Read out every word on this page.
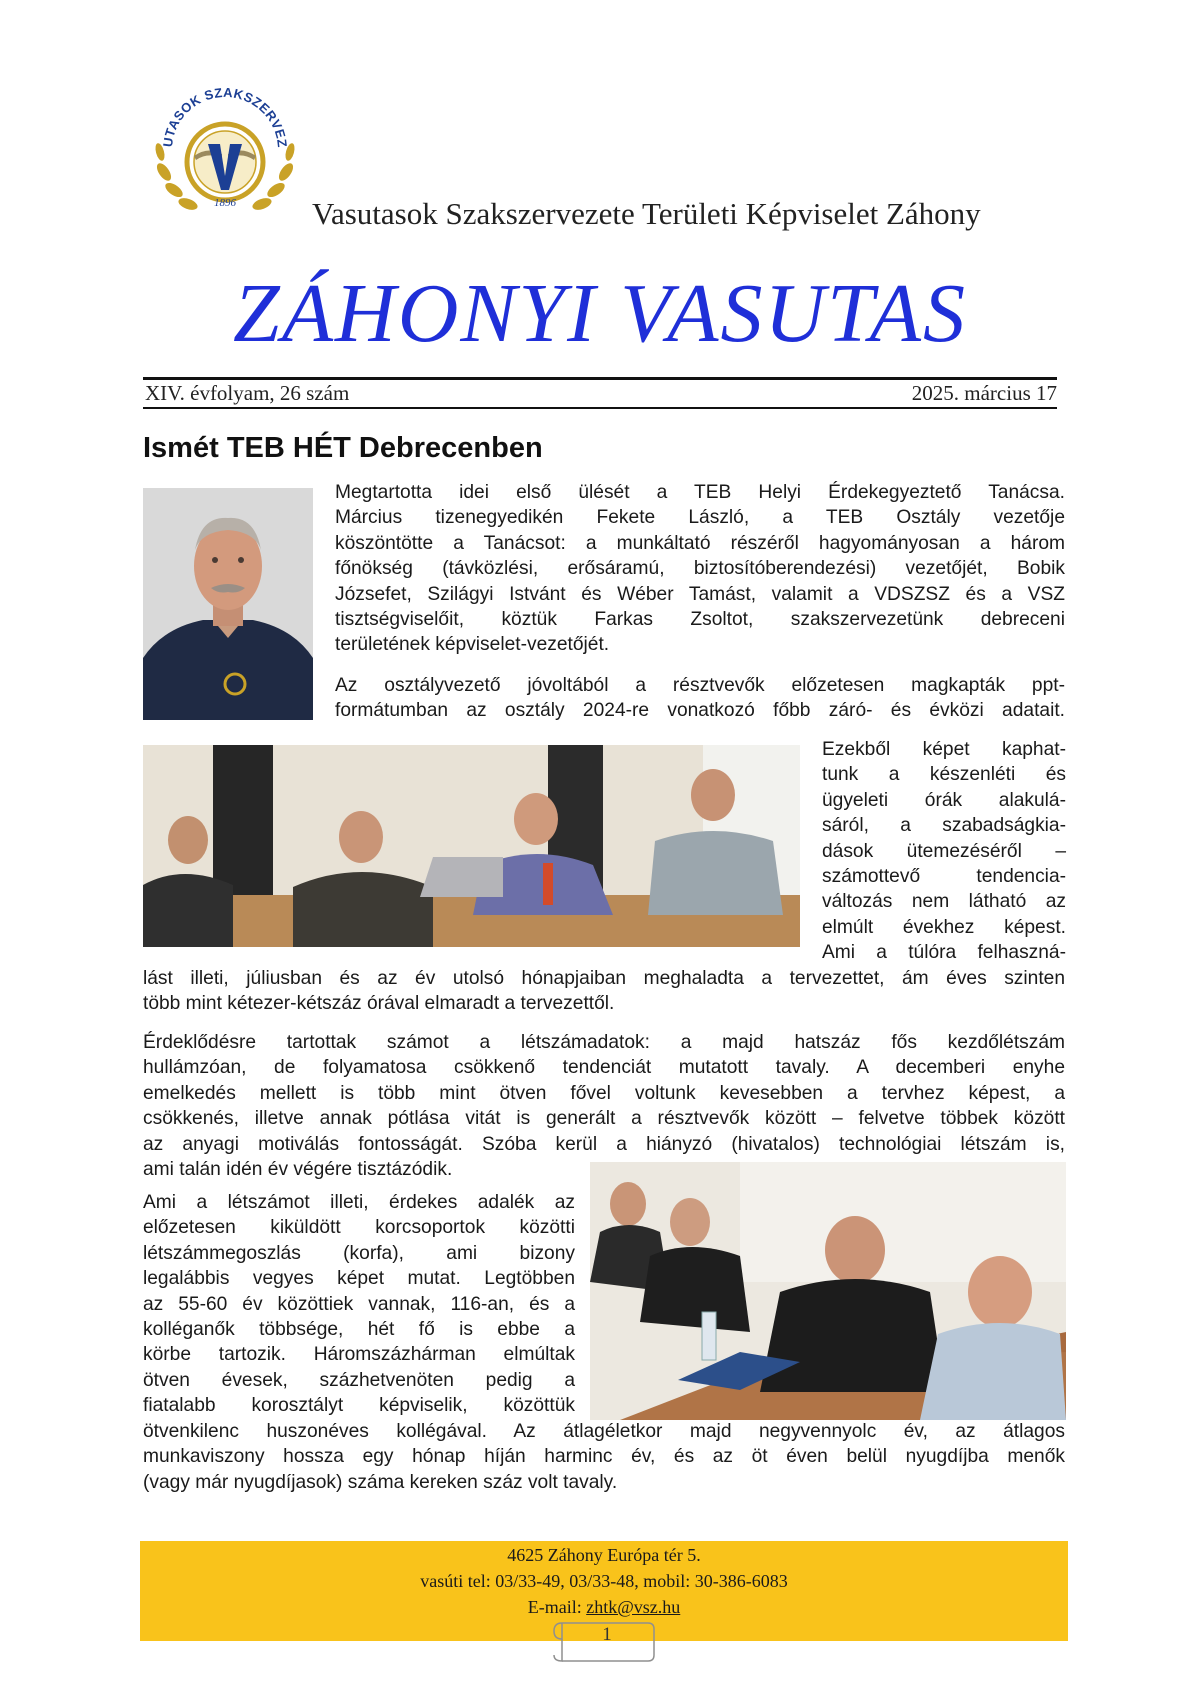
UTASOK SZAKSZERVEZ
1896 Vasutasok Szakszervezete Területi Képviselet Záhony
ZÁHONYI VASUTAS
XIV. évfolyam, 26 szám	2025. március 17
Ismét TEB HÉT Debrecenben
Megtartotta idei első ülését a TEB Helyi Érdekegyeztető Tanácsa.
Március tizenegyedikén Fekete László, a TEB Osztály vezetője
köszöntötte a Tanácsot: a munkáltató részéről hagyományosan a három
főnökség (távközlési, erősáramú, biztosítóberendezési) vezetőjét, Bobik
Józsefet, Szilágyi Istvánt és Wéber Tamást, valamit a VDSZSZ és a VSZ
tisztségviselőit, köztük Farkas Zsoltot, szakszervezetünk debreceni
területének képviselet-vezetőjét.
Az osztályvezető jóvoltából a résztvevők előzetesen magkapták ppt-
formátumban az osztály 2024-re vonatkozó főbb záró- és évközi adatait.
Ezekből képet kaphat-
tunk a készenléti és
ügyeleti órák alakulá-
sáról, a szabadságkia-
dások ütemezéséről –
számottevő tendencia-
változás nem látható az
elmúlt évekhez képest.
Ami a túlóra felhaszná-
lást illeti, júliusban és az év utolsó hónapjaiban meghaladta a tervezettet, ám éves szinten
több mint kétezer-kétszáz órával elmaradt a tervezettől.
Érdeklődésre tartottak számot a létszámadatok: a majd hatszáz fős kezdőlétszám
hullámzóan, de folyamatosa csökkenő tendenciát mutatott tavaly. A decemberi enyhe
emelkedés mellett is több mint ötven fővel voltunk kevesebben a tervhez képest, a
csökkenés, illetve annak pótlása vitát is generált a résztvevők között – felvetve többek között
az anyagi motiválás fontosságát. Szóba kerül a hiányzó (hivatalos) technológiai létszám is,
ami talán idén év végére tisztázódik.
Ami a létszámot illeti, érdekes adalék az
előzetesen kiküldött korcsoportok közötti
létszámmegoszlás (korfa), ami bizony
legalábbis vegyes képet mutat. Legtöbben
az 55-60 év közöttiek vannak, 116-an, és a
kolléganők többsége, hét fő is ebbe a
körbe tartozik. Háromszázhárman elmúltak
ötven évesek, százhetvenöten pedig a
fiatalabb korosztályt képviselik, közöttük
ötvenkilenc huszonéves kollégával. Az átlagéletkor majd negyvennyolc év, az átlagos
munkaviszony hossza egy hónap híján harminc év, és az öt éven belül nyugdíjba menők
(vagy már nyugdíjasok) száma kereken száz volt tavaly.
4625 Záhony Európa tér 5.
vasúti tel: 03/33-49, 03/33-48, mobil: 30-386-6083
E-mail: zhtk@vsz.hu
1
